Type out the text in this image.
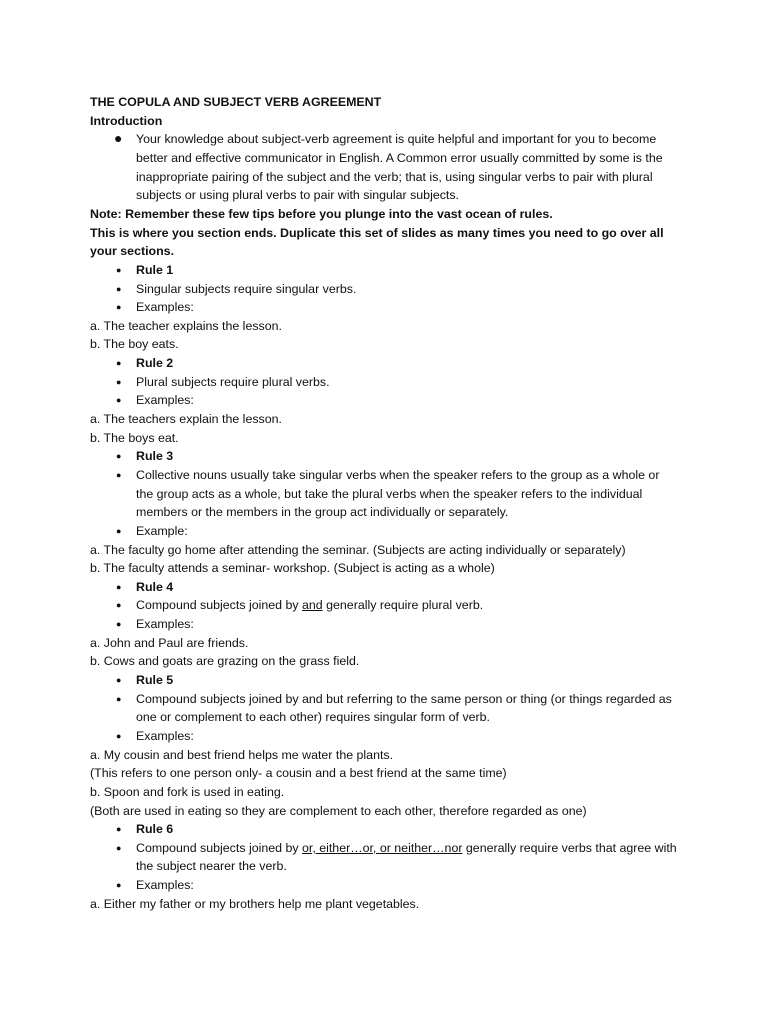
THE COPULA AND SUBJECT VERB AGREEMENT
Introduction
● Your knowledge about subject-verb agreement is quite helpful and important for you to become better and effective communicator in English. A Common error usually committed by some is the inappropriate pairing of the subject and the verb; that is, using singular verbs to pair with plural subjects or using plural verbs to pair with singular subjects.
Note: Remember these few tips before you plunge into the vast ocean of rules.
This is where you section ends. Duplicate this set of slides as many times you need to go over all your sections.
● Rule 1
● Singular subjects require singular verbs.
● Examples:
a. The teacher explains the lesson.
b. The boy eats.
● Rule 2
● Plural subjects require plural verbs.
● Examples:
a. The teachers explain the lesson.
b. The boys eat.
● Rule 3
● Collective nouns usually take singular verbs when the speaker refers to the group as a whole or the group acts as a whole, but take the plural verbs when the speaker refers to the individual members or the members in the group act individually or separately.
● Example:
a. The faculty go home after attending the seminar. (Subjects are acting individually or separately)
b. The faculty attends a seminar- workshop. (Subject is acting as a whole)
● Rule 4
● Compound subjects joined by and generally require plural verb.
● Examples:
a. John and Paul are friends.
b. Cows and goats are grazing on the grass field.
● Rule 5
● Compound subjects joined by and but referring to the same person or thing (or things regarded as one or complement to each other) requires singular form of verb.
● Examples:
a. My cousin and best friend helps me water the plants.
(This refers to one person only- a cousin and a best friend at the same time)
b. Spoon and fork is used in eating.
(Both are used in eating so they are complement to each other, therefore regarded as one)
● Rule 6
● Compound subjects joined by or, either…or, or neither…nor generally require verbs that agree with the subject nearer the verb.
● Examples:
a. Either my father or my brothers help me plant vegetables.
